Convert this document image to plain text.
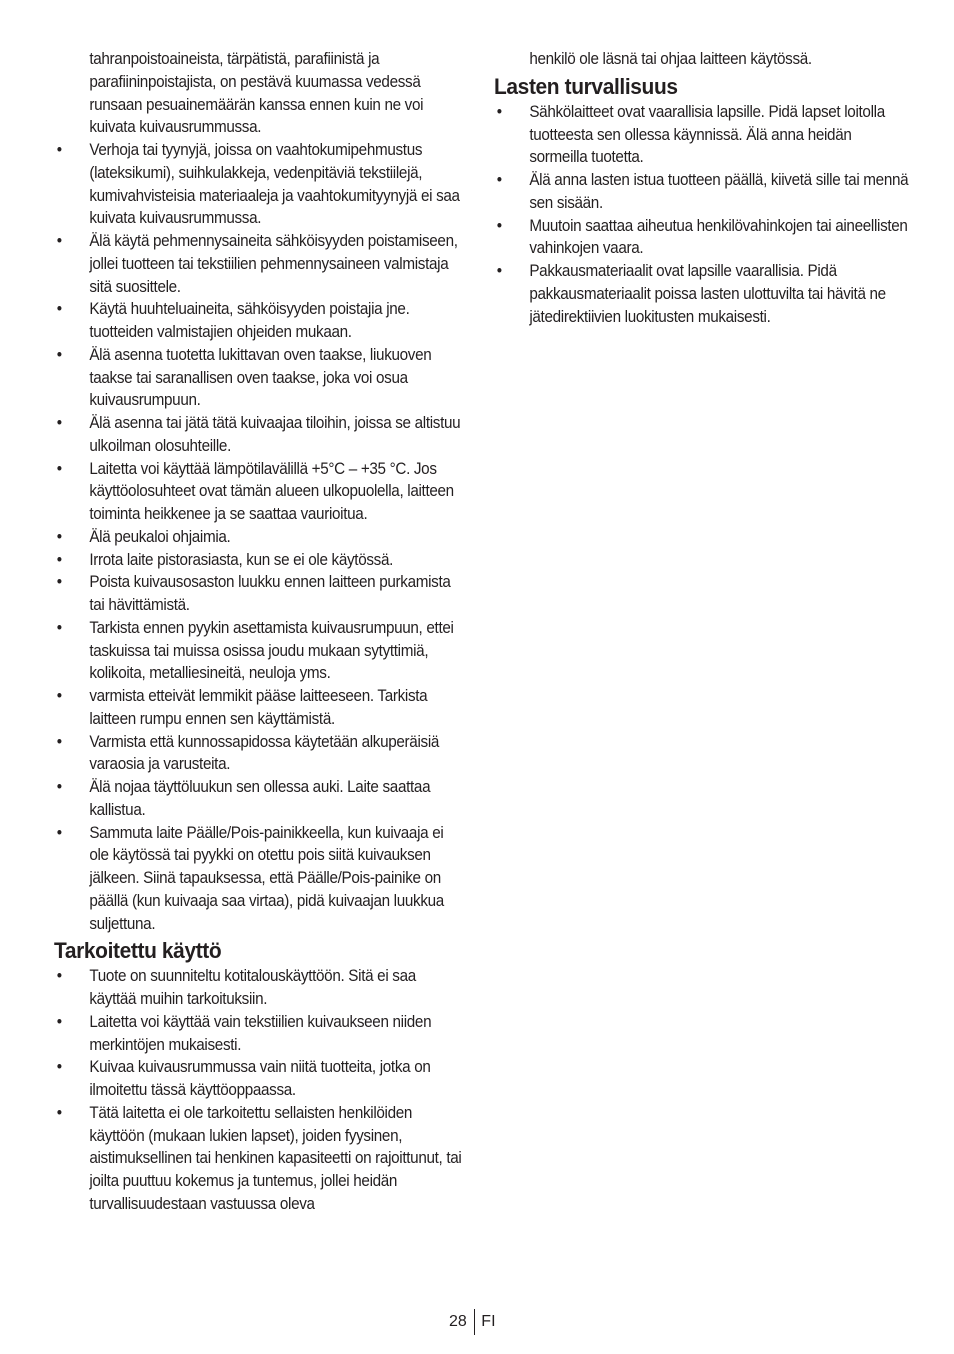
tahranpoistoaineista, tärpätistä, parafiinistä ja parafiininpoistajista, on pestävä kuumassa vedessä runsaan pesuainemäärän kanssa ennen kuin ne voi kuivata kuivausrummussa.

• Verhoja tai tyynyjä, joissa on vaahtokumipehmustus (lateksikumi), suihkulakkeja, vedenpitäviä tekstiilejä, kumivahvisteisia materiaaleja ja vaahtokumityynyjä ei saa kuivata kuivausrummussa.
• Älä käytä pehmennysaineita sähköisyyden poistamiseen, jollei tuotteen tai tekstiilien pehmennysaineen valmistaja sitä suosittele.
• Käytä huuhteluaineita, sähköisyyden poistajia jne. tuotteiden valmistajien ohjeiden mukaan.
• Älä asenna tuotetta lukittavan oven taakse, liukuoven taakse tai saranallisen oven taakse, joka voi osua kuivausrumpuun.
• Älä asenna tai jätä tätä kuivaajaa tiloihin, joissa se altistuu ulkoilman olosuhteille.
• Laitetta voi käyttää lämpötilavälillä +5°C – +35 °C. Jos käyttöolosuhteet ovat tämän alueen ulkopuolella, laitteen toiminta heikkenee ja se saattaa vaurioitua.
• Älä peukaloi ohjaimia.
• Irrota laite pistorasiasta, kun se ei ole käytössä.
• Poista kuivausosaston luukku ennen laitteen purkamista tai hävittämistä.
• Tarkista ennen pyykin asettamista kuivausrumpuun, ettei taskuissa tai muissa osissa joudu mukaan sytyttimiä, kolikoita, metalliesineitä, neuloja yms.
• varmista etteivät lemmikit pääse laitteeseen. Tarkista laitteen rumpu ennen sen käyttämistä.
• Varmista että kunnossapidossa käytetään alkuperäisiä varaosia ja varusteita.
• Älä nojaa täyttöluukun sen ollessa auki. Laite saattaa kallistua.
• Sammuta laite Päälle/Pois-painikkeella, kun kuivaaja ei ole käytössä tai pyykki on otettu pois siitä kuivauksen jälkeen. Siinä tapauksessa, että Päälle/Pois-painike on päällä (kun kuivaaja saa virtaa), pidä kuivaajan luukkua suljettuna.
Tarkoitettu käyttö
• Tuote on suunniteltu kotitalouskäyttöön. Sitä ei saa käyttää muihin tarkoituksiin.
• Laitetta voi käyttää vain tekstiilien kuivaukseen niiden merkintöjen mukaisesti.
• Kuivaa kuivausrummussa vain niitä tuotteita, jotka on ilmoitettu tässä käyttöoppaassa.
• Tätä laitetta ei ole tarkoitettu sellaisten henkilöiden käyttöön (mukaan lukien lapset), joiden fyysinen, aistimuksellinen tai henkinen kapasiteetti on rajoittunut, tai joilta puuttuu kokemus ja tuntemus, jollei heidän turvallisuudestaan vastuussa oleva

henkilö ole läsnä tai ohjaa laitteen käytössä.

Lasten turvallisuus
• Sähkölaitteet ovat vaarallisia lapsille. Pidä lapset loitolla tuotteesta sen ollessa käynnissä. Älä anna heidän sormeilla tuotetta.
• Älä anna lasten istua tuotteen päällä, kiivetä sille tai mennä sen sisään.
• Muutoin saattaa aiheutua henkilövahinkojen tai aineellisten vahinkojen vaara.
• Pakkausmateriaalit ovat lapsille vaarallisia. Pidä pakkausmateriaalit poissa lasten ulottuvilta tai hävitä ne jätedirektiivien luokitusten mukaisesti.
28 FI
